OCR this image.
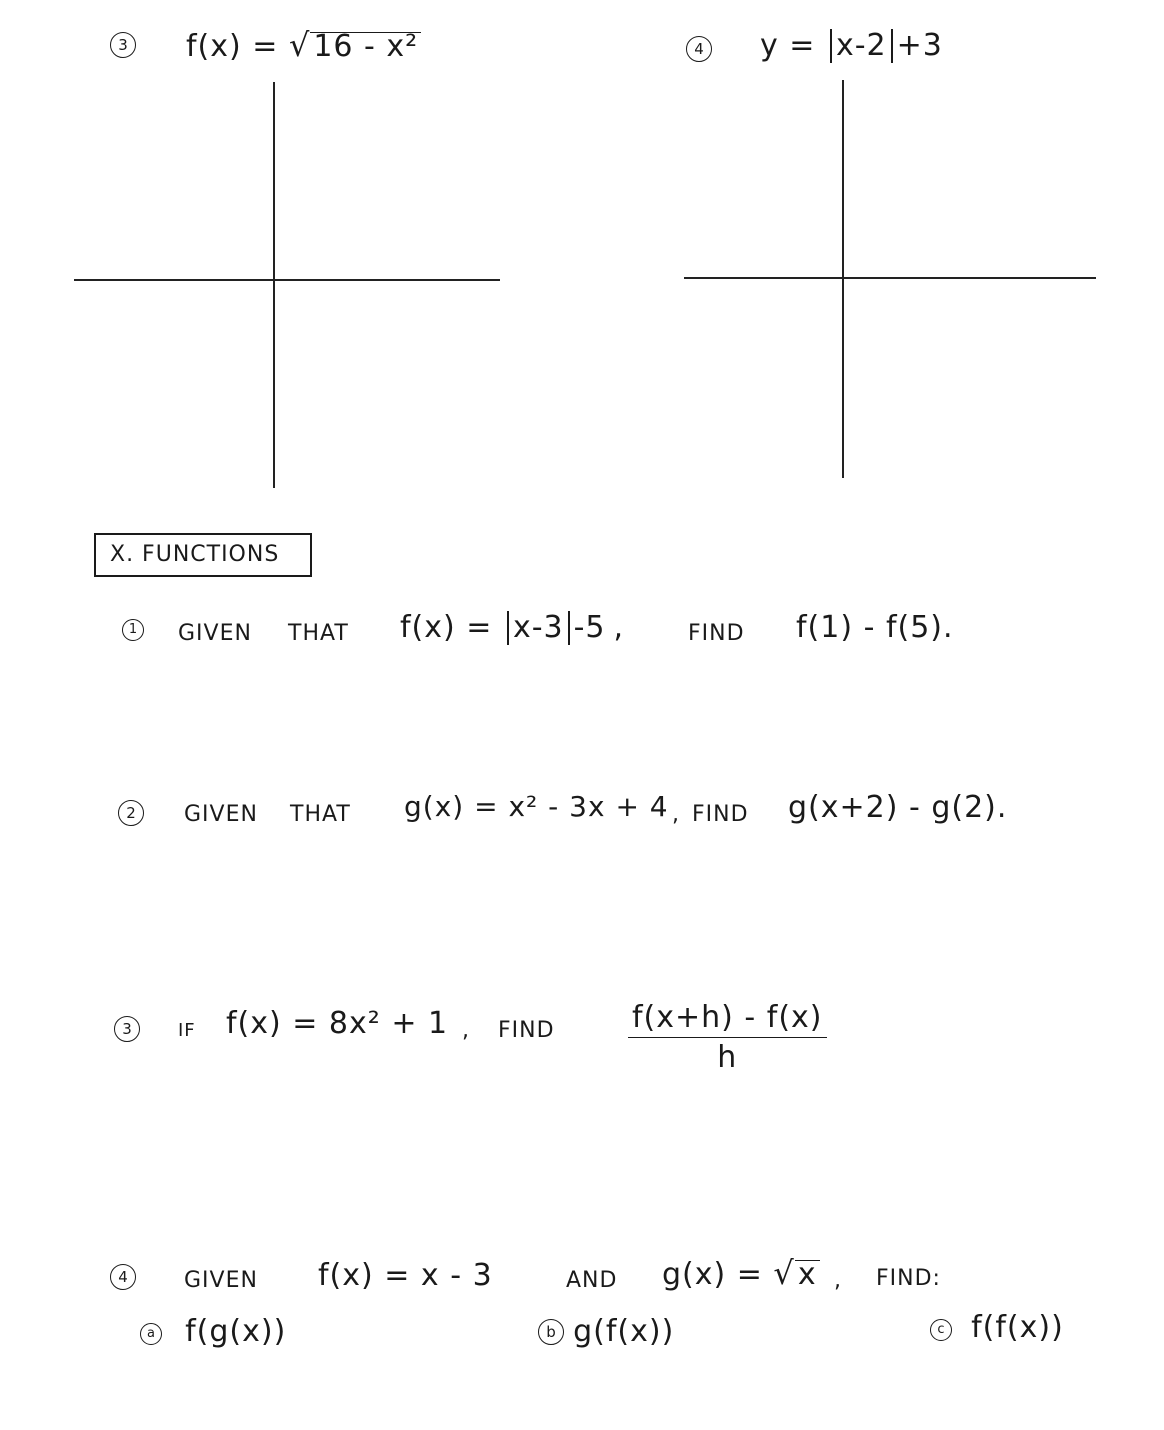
3 f(x) = √ 16 - x²	4 y = x-2 +3
X. FUNCTIONS
1	GIVEN THAT f(x) = x-3 -5 ,	FIND f(1) - f(5).
2	GIVEN THAT g(x) = x² - 3x + 4 , FIND g(x+2) - g(2).
3	IF f(x) = 8x² + 1 , FIND $\frac{f(x+h) - f(x)}{h}$
4	GIVEN f(x) = x - 3	AND g(x) = √ x , FIND:
a f(g(x))	b g(f(x))	c f(f(x))
